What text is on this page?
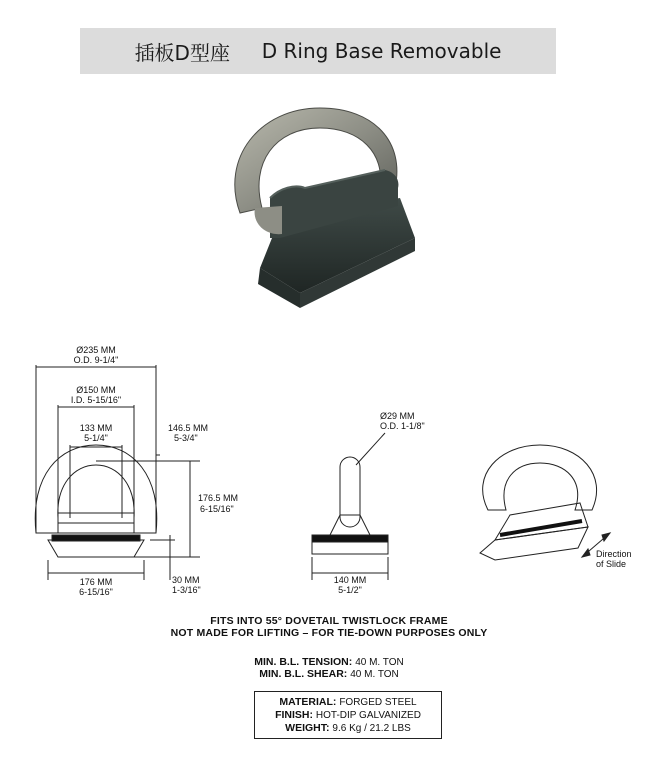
插板D型座
D Ring Base Removable
Ø235 MM
O.D. 9-1/4"
Ø150 MM
I.D. 5-15/16"
133 MM
5-1/4"
146.5 MM
5-3/4"
176.5 MM
6-15/16"
176 MM
6-15/16"
30 MM
1-3/16"
Ø29 MM
O.D. 1-1/8"
140 MM
5-1/2"
Direction
of Slide
FITS INTO 55° DOVETAIL TWISTLOCK FRAME
NOT MADE FOR LIFTING – FOR TIE-DOWN PURPOSES ONLY
MIN. B.L. TENSION: 40 M. TON
MIN. B.L. SHEAR: 40 M. TON
MATERIAL: FORGED STEEL
FINISH: HOT-DIP GALVANIZED
WEIGHT: 9.6 Kg / 21.2 LBS
